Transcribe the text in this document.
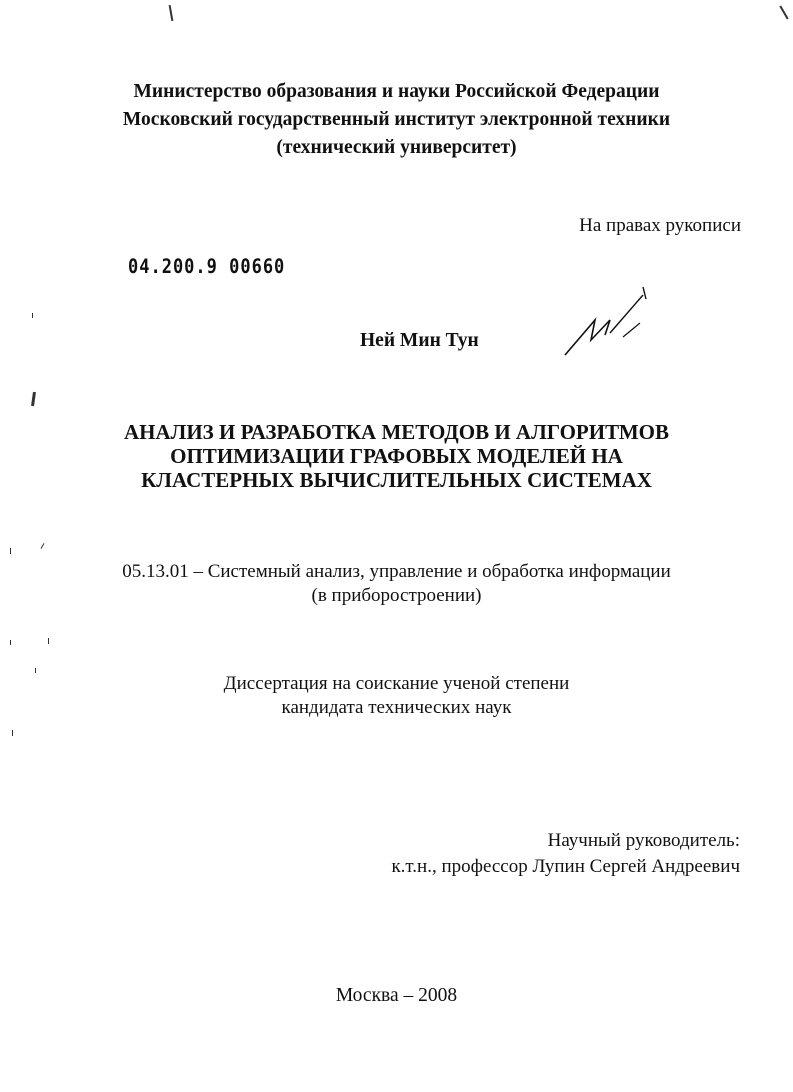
Министерство образования и науки Российской Федерации
Московский государственный институт электронной техники
(технический университет)
На правах рукописи
04.200.9 00660
Ней Мин Тун
АНАЛИЗ И РАЗРАБОТКА МЕТОДОВ И АЛГОРИТМОВ
ОПТИМИЗАЦИИ ГРАФОВЫХ МОДЕЛЕЙ НА
КЛАСТЕРНЫХ ВЫЧИСЛИТЕЛЬНЫХ СИСТЕМАХ
05.13.01 – Системный анализ, управление и обработка информации
(в приборостроении)
Диссертация на соискание ученой степени
кандидата технических наук
Научный руководитель:
к.т.н., профессор Лупин Сергей Андреевич
Москва – 2008
